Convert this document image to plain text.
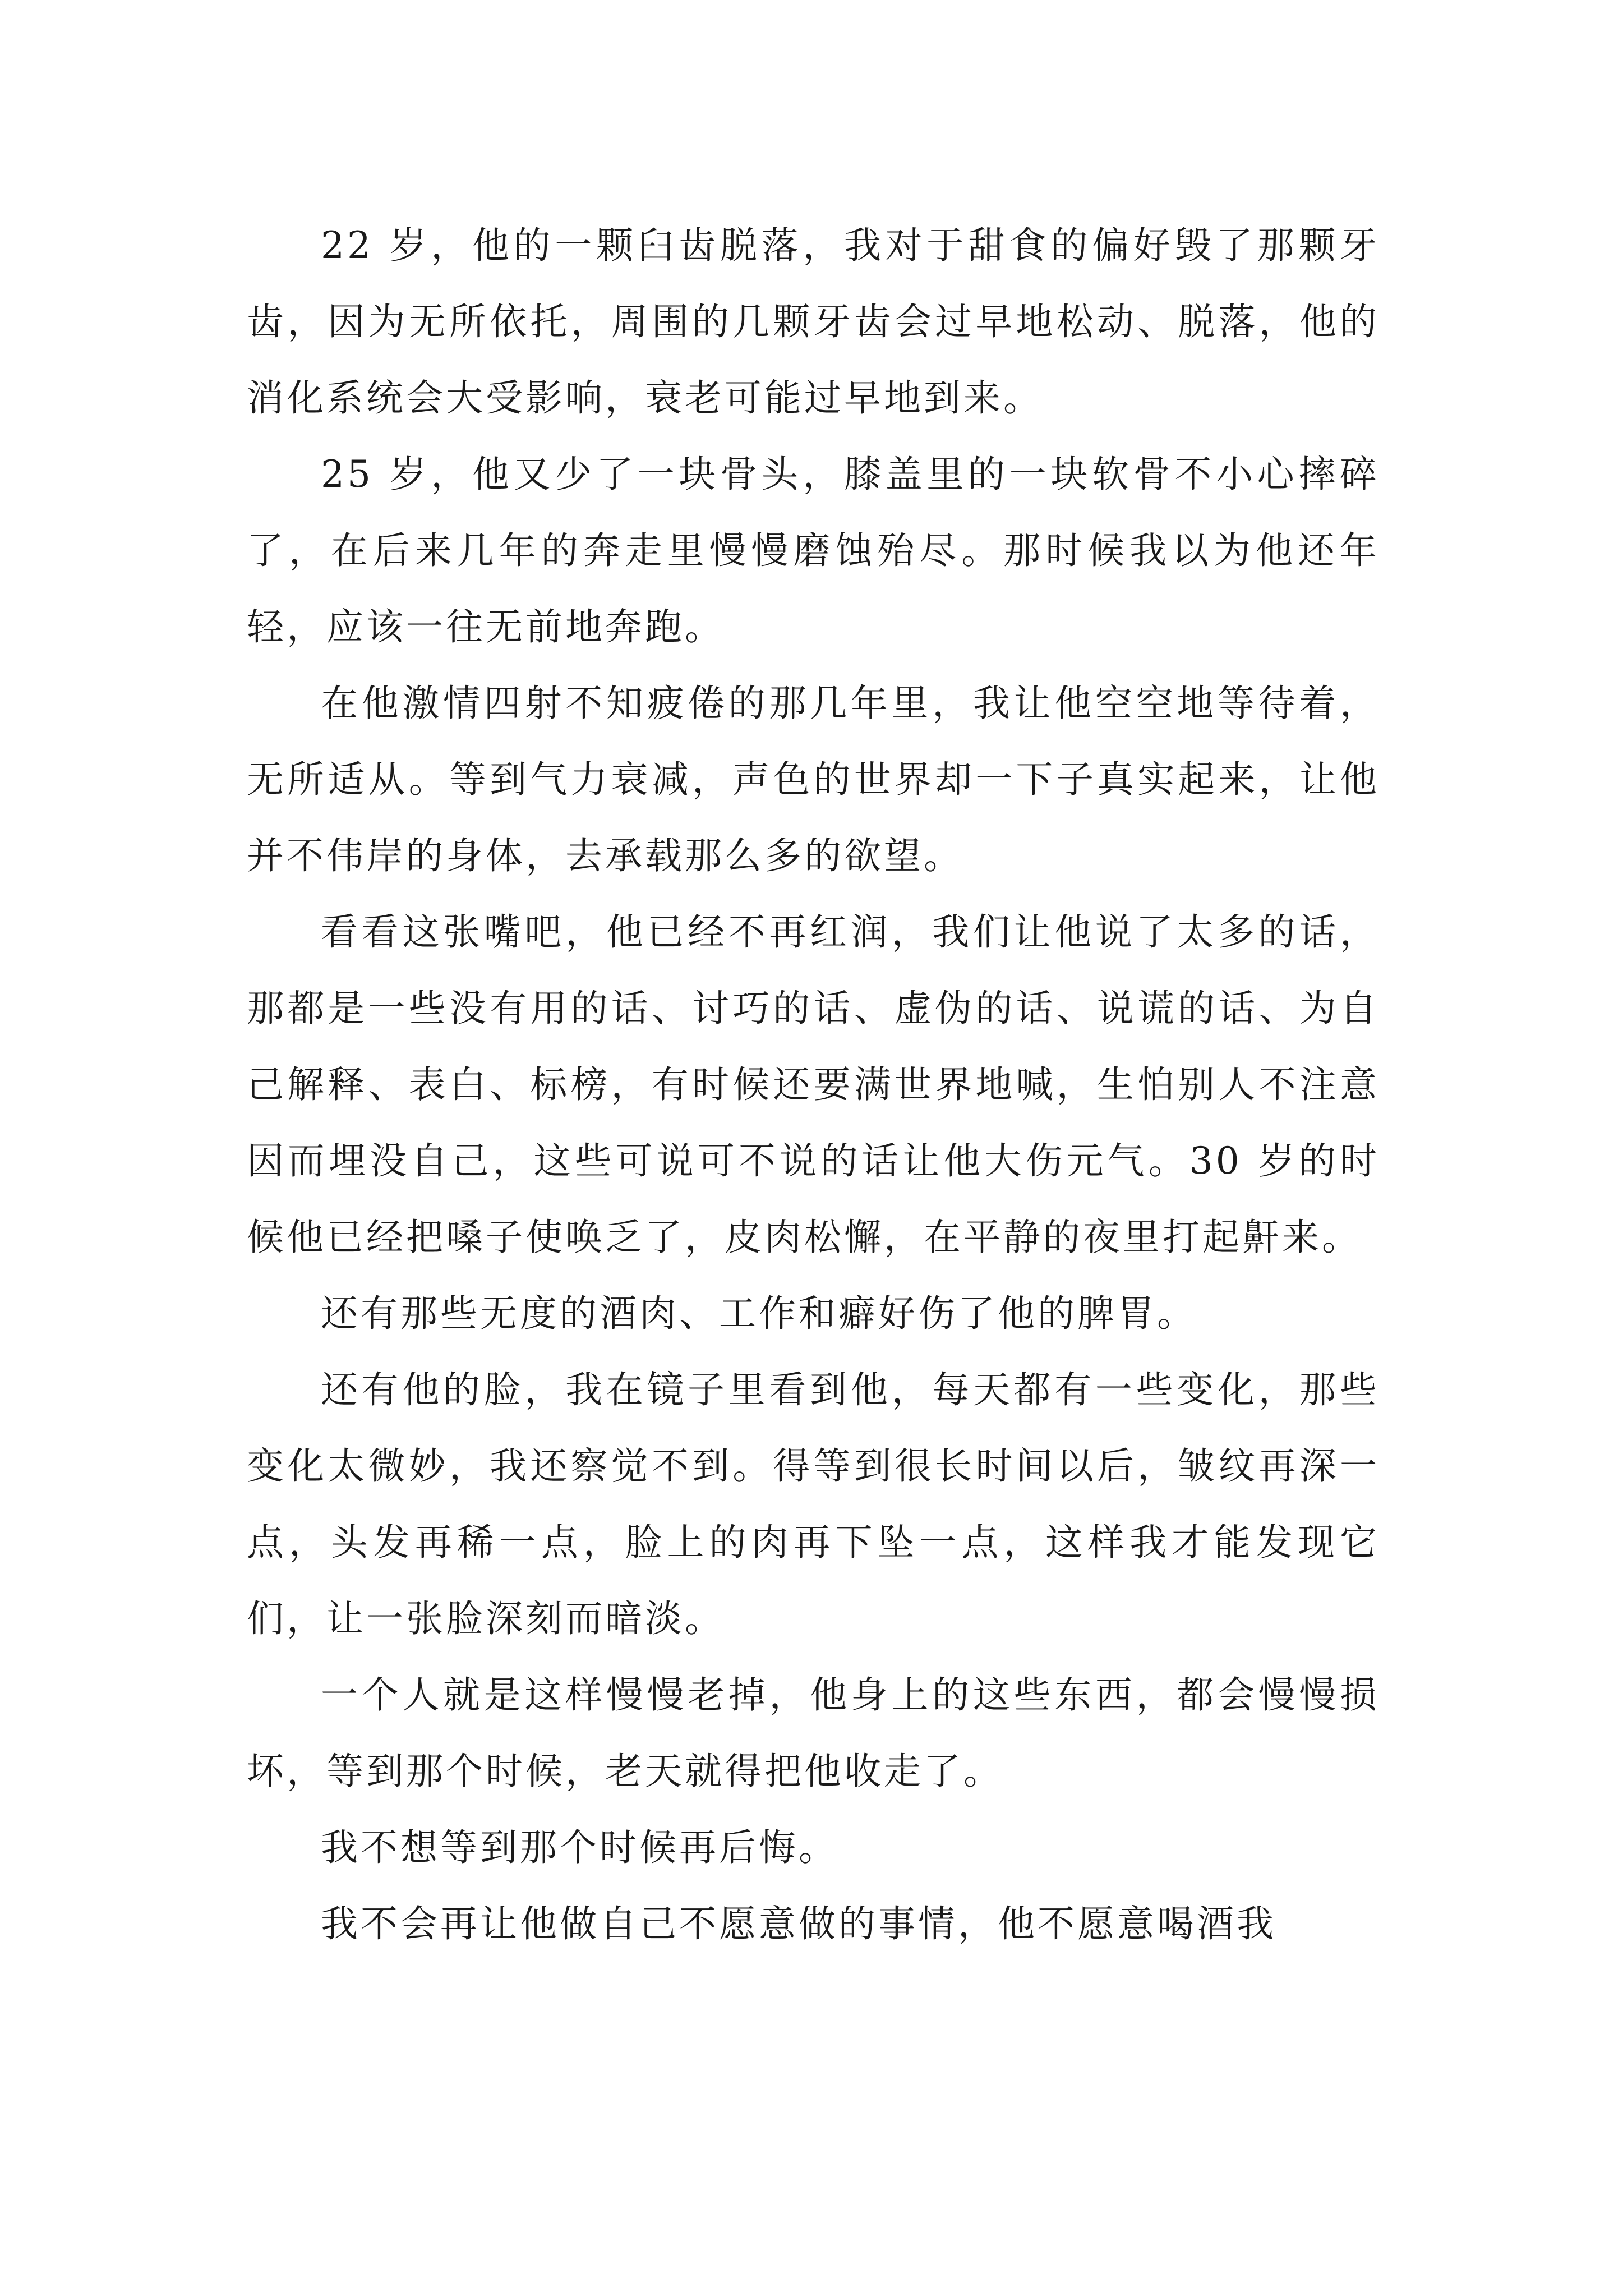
22 岁，他的一颗臼齿脱落，我对于甜食的偏好毁了那颗牙齿，因为无所依托，周围的几颗牙齿会过早地松动、脱落，他的消化系统会大受影响，衰老可能过早地到来。

25 岁，他又少了一块骨头，膝盖里的一块软骨不小心摔碎了，在后来几年的奔走里慢慢磨蚀殆尽。那时候我以为他还年轻，应该一往无前地奔跑。

在他激情四射不知疲倦的那几年里，我让他空空地等待着，无所适从。等到气力衰减，声色的世界却一下子真实起来，让他并不伟岸的身体，去承载那么多的欲望。

看看这张嘴吧，他已经不再红润，我们让他说了太多的话，那都是一些没有用的话、讨巧的话、虚伪的话、说谎的话、为自己解释、表白、标榜，有时候还要满世界地喊，生怕别人不注意因而埋没自己，这些可说可不说的话让他大伤元气。30 岁的时候他已经把嗓子使唤乏了，皮肉松懈，在平静的夜里打起鼾来。

还有那些无度的酒肉、工作和癖好伤了他的脾胃。

还有他的脸，我在镜子里看到他，每天都有一些变化，那些变化太微妙，我还察觉不到。得等到很长时间以后，皱纹再深一点，头发再稀一点，脸上的肉再下坠一点，这样我才能发现它们，让一张脸深刻而暗淡。

一个人就是这样慢慢老掉，他身上的这些东西，都会慢慢损坏，等到那个时候，老天就得把他收走了。

我不想等到那个时候再后悔。

我不会再让他做自己不愿意做的事情，他不愿意喝酒我
